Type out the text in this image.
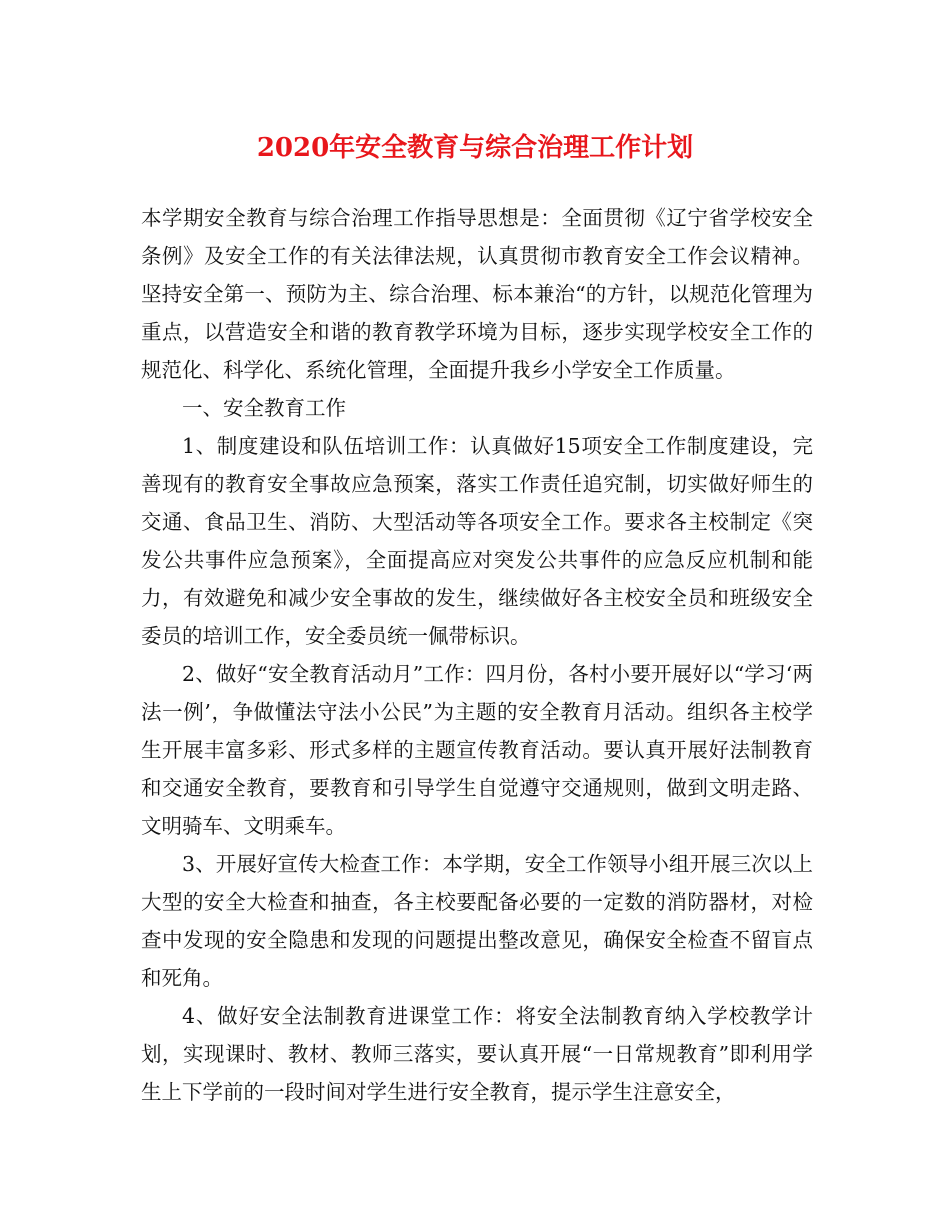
2020年安全教育与综合治理工作计划

本学期安全教育与综合治理工作指导思想是：全面贯彻《辽宁省学校安全条例》及安全工作的有关法律法规，认真贯彻市教育安全工作会议精神。坚持安全第一、预防为主、综合治理、标本兼治“的方针，以规范化管理为重点，以营造安全和谐的教育教学环境为目标，逐步实现学校安全工作的规范化、科学化、系统化管理，全面提升我乡小学安全工作质量。

一、安全教育工作

1、制度建设和队伍培训工作：认真做好15项安全工作制度建设，完善现有的教育安全事故应急预案，落实工作责任追究制，切实做好师生的交通、食品卫生、消防、大型活动等各项安全工作。要求各主校制定《突发公共事件应急预案》，全面提高应对突发公共事件的应急反应机制和能力，有效避免和减少安全事故的发生，继续做好各主校安全员和班级安全委员的培训工作，安全委员统一佩带标识。

2、做好“安全教育活动月”工作：四月份，各村小要开展好以“学习‘两法一例’，争做懂法守法小公民”为主题的安全教育月活动。组织各主校学生开展丰富多彩、形式多样的主题宣传教育活动。要认真开展好法制教育和交通安全教育，要教育和引导学生自觉遵守交通规则，做到文明走路、文明骑车、文明乘车。

3、开展好宣传大检查工作：本学期，安全工作领导小组开展三次以上大型的安全大检查和抽查，各主校要配备必要的一定数的消防器材，对检查中发现的安全隐患和发现的问题提出整改意见，确保安全检查不留盲点和死角。

4、做好安全法制教育进课堂工作：将安全法制教育纳入学校教学计划，实现课时、教材、教师三落实，要认真开展“一日常规教育”即利用学生上下学前的一段时间对学生进行安全教育，提示学生注意安全，
